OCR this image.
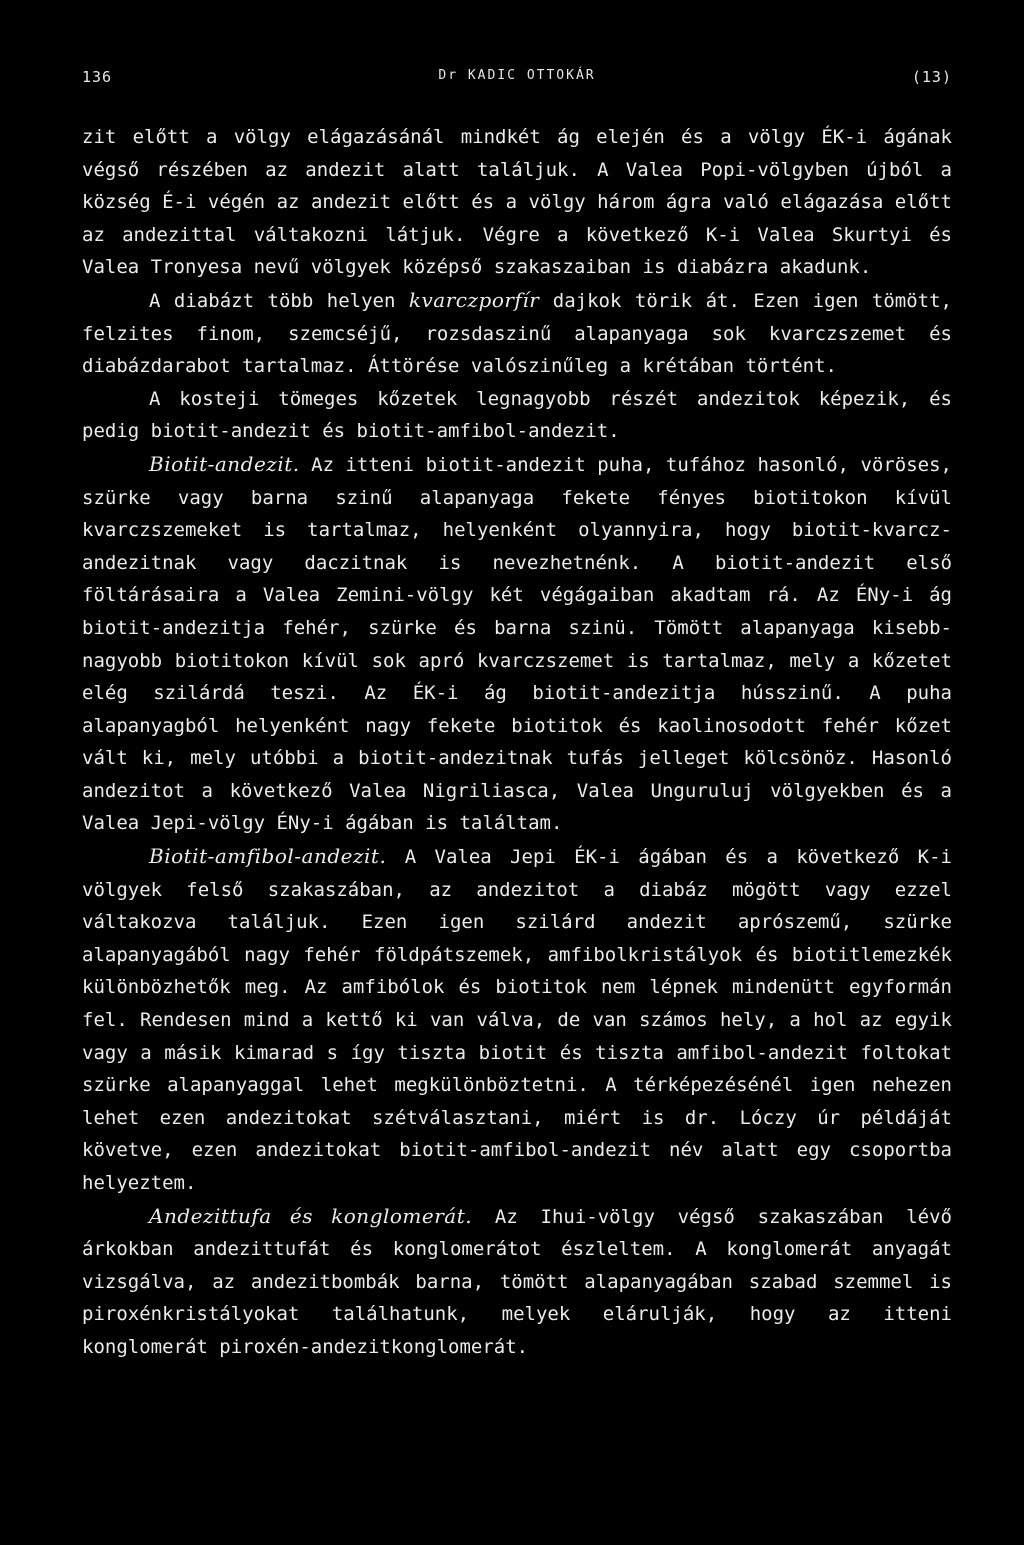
136	Dr KADIC OTTOKÁR	(13)

zit előtt a völgy elágazásánál mindkét ág elején és a völgy ÉK-i ágának végső részében az andezit alatt találjuk. A Valea Popi-völgyben újból a község É-i végén az andezit előtt és a völgy három ágra való elágazása előtt az andezittal váltakozni látjuk. Végre a következő K-i Valea Skurtyi és Valea Tronyesa nevű völgyek középső szakaszaiban is diabázra akadunk.

A diabázt több helyen kvarczporfír dajkok törik át. Ezen igen tömött, felzites finom, szemcséjű, rozsdaszinű alapanyaga sok kvarczszemet és diabázdarabot tartalmaz. Áttörése valószinűleg a krétában történt.

A kosteji tömeges kőzetek legnagyobb részét andezitok képezik, és pedig biotit-andezit és biotit-amfibol-andezit.

Biotit-andezit. Az itteni biotit-andezit puha, tufához hasonló, vöröses, szürke vagy barna szinű alapanyaga fekete fényes biotitokon kívül kvarczszemeket is tartalmaz, helyenként olyannyira, hogy biotit-kvarcz-andezitnak vagy daczitnak is nevezhetnénk. A biotit-andezit első föltárásaira a Valea Zemini-völgy két végágaiban akadtam rá. Az ÉNy-i ág biotit-andezitja fehér, szürke és barna szinü. Tömött alapanyaga kisebb-nagyobb biotitokon kívül sok apró kvarczszemet is tartalmaz, mely a kőzetet elég szilárdá teszi. Az ÉK-i ág biotit-andezitja hússzinű. A puha alapanyagból helyenként nagy fekete biotitok és kaolinosodott fehér kőzet vált ki, mely utóbbi a biotit-andezitnak tufás jelleget kölcsönöz. Hasonló andezitot a következő Valea Nigriliasca, Valea Unguruluj völgyekben és a Valea Jepi-völgy ÉNy-i ágában is találtam.

Biotit-amfibol-andezit. A Valea Jepi ÉK-i ágában és a következő K-i völgyek felső szakaszában, az andezitot a diabáz mögött vagy ezzel váltakozva találjuk. Ezen igen szilárd andezit aprószemű, szürke alapanyagából nagy fehér földpátszemek, amfibolkristályok és biotitlemezkék különbözhetők meg. Az amfibólok és biotitok nem lépnek mindenütt egyformán fel. Rendesen mind a kettő ki van válva, de van számos hely, a hol az egyik vagy a másik kimarad s így tiszta biotit és tiszta amfibol-andezit foltokat szürke alapanyaggal lehet megkülönböztetni. A térképezésénél igen nehezen lehet ezen andezitokat szétválasztani, miért is dr. Lóczy úr példáját követve, ezen andezitokat biotit-amfibol-andezit név alatt egy csoportba helyeztem.

Andezittufa és konglomerát. Az Ihui-völgy végső szakaszában lévő árkokban andezittufát és konglomerátot észleltem. A konglomerát anyagát vizsgálva, az andezitbombák barna, tömött alapanyagában szabad szemmel is piroxénkristályokat találhatunk, melyek elárulják, hogy az itteni konglomerát piroxén-andezitkonglomerát.
